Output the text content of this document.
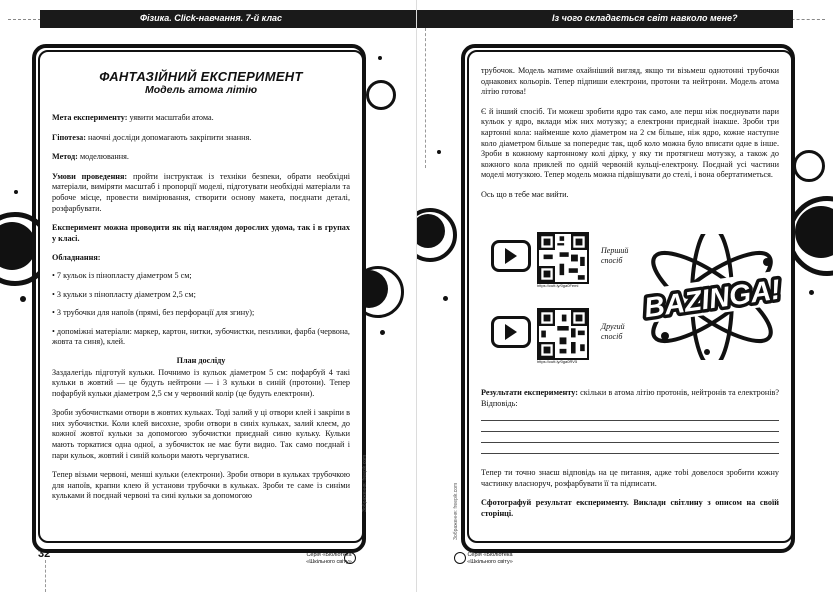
Фізика. Click-навчання. 7-й клас
ФАНТАЗІЙНИЙ ЕКСПЕРИМЕНТ
Модель атома літію

Мета експерименту: уявити масштаби атома.

Гіпотеза: наочні досліди допомагають закріпити знання.

Метод: моделювання.

Умови проведення: пройти інструктаж із техніки безпеки, обрати необхідні матеріали, виміряти масштаб і пропорції моделі, підготувати необхідні матеріали та робоче місце, провести вимірювання, створити основу макета, поєднати деталі, розфарбувати.

Експеримент можна проводити як під наглядом дорослих удома, так і в групах у класі.

Обладнання:

• 7 кульок із пінопласту діаметром 5 см;
• 3 кульки з пінопласту діаметром 2,5 см;
• 3 трубочки для напоїв (прямі, без перфорації для згину);
• допоміжні матеріали: маркер, картон, нитки, зубочистки, пензлики, фарба (червона, жовта та синя), клей.
План досліду

Заздалегідь підготуй кульки. Почнимо із кульок діаметром 5 см: пофарбуй 4 такі кульки в жовтий — це будуть нейтрони — і 3 кульки в синій (протони). Тепер пофарбуй кульки діаметром 2,5 см у червоний колір (це будуть електрони).

Зроби зубочистками отвори в жовтих кульках. Тоді залий у ці отвори клей і закріпи в них зубочистки. Коли клей висохне, зроби отвори в синіх кульках, залий клеєм, до кожної жовтої кульки за допомогою зубочистки приєднай синю кульку. Кульки мають торкатися одна одної, а зубочисток не має бути видно. Так само поєднай і пари кульок, жовтий і синій кольори мають чергуватися.

Тепер візьми червоні, менші кульки (електрони). Зроби отвори в кульках трубочкою для напоїв, крапни клею й установи трубочки в кульках. Зроби те саме із синіми кульками й поєднай червоні та сині кульки за допомогою	Зображення: freepik.com
32	Серія «Бібліотека
«Шкільного світу»
Із чого складається світ навколо мене?

трубочок. Модель матиме охайніший вигляд, якщо ти візьмеш однотонні трубочки однакових кольорів. Тепер підпиши електрони, протони та нейтрони. Модель атома літію готова!

Є й інший спосіб. Ти можеш зробити ядро так само, але перш ніж поєднувати пари кульок у ядро, вклади між них мотузку; а електрони приєднай інакше. Зроби три картонні кола: найменше коло діаметром на 2 см більше, ніж ядро, кожне наступне коло діаметром більше за попереднє так, щоб коло можна було вписати одне в інше. Зроби в кожному картонному колі дірку, у яку ти протягнеш мотузку, а також до кожного кола приклей по одній червоній кульці-електрону. Поєднай усі частини моделі мотузкою. Тепер модель можна підвішувати до стелі, і вона обертатиметься.

Ось що в тебе має вийти.

https://cutt.ly/0ga0Femi
Перший
спосіб
https://cutt.ly/0ga0RV5
Другий
спосіб
BAZINGA!

Результати експерименту: скільки в атома літію протонів, нейтронів та електронів? Відповідь:

Тепер ти точно знаєш відповідь на це питання, адже тobі довелося зробити кожну частинку власноруч, розфарбувати її та підписати.

Сфотографуй результат експерименту. Виклади світлину з описом на своїй сторінці.

Зображення: freepik.com
Серія «Бібліотека
«Шкільного світу»
